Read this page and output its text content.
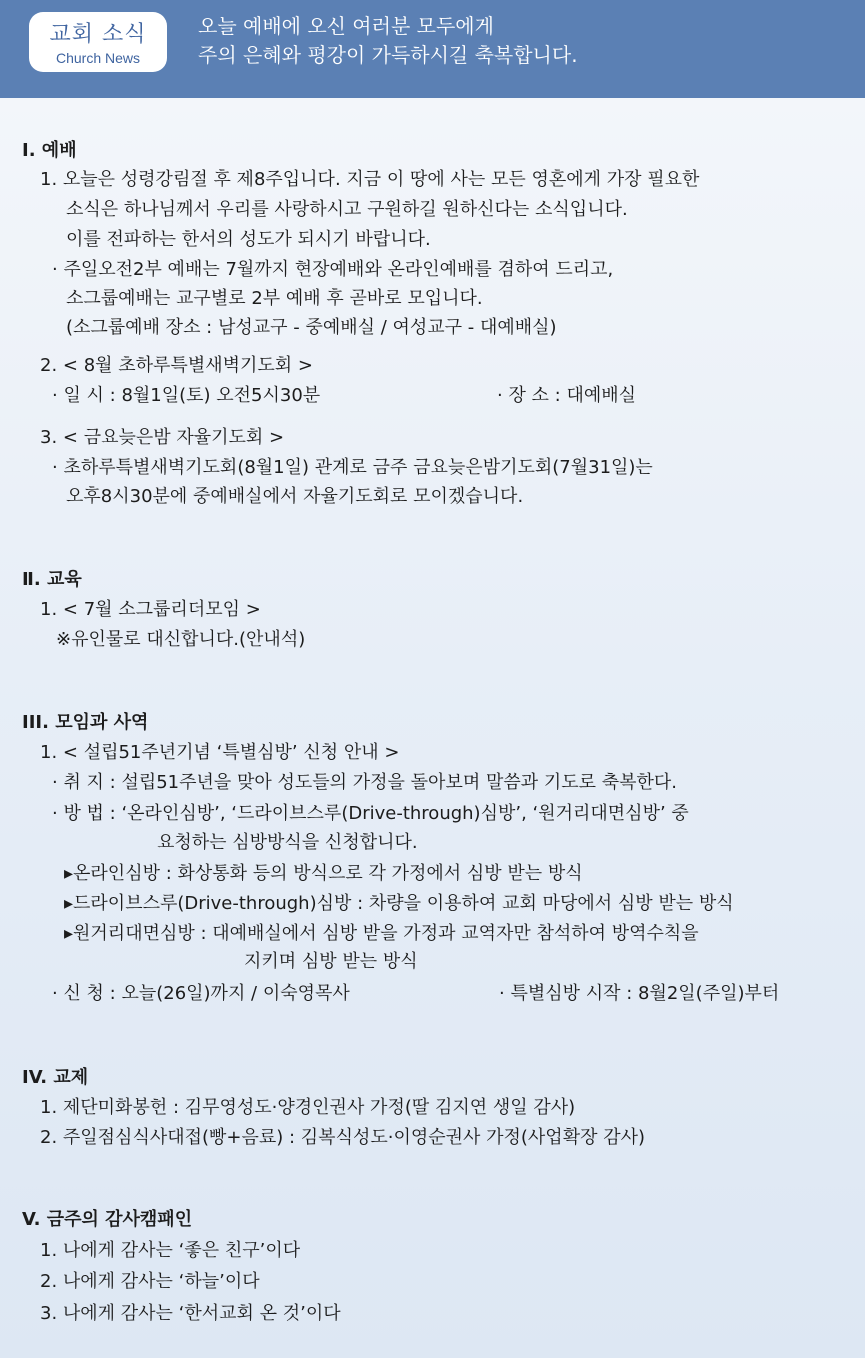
교회 소식
Church News
오늘 예배에 오신 여러분 모두에게
주의 은혜와 평강이 가득하시길 축복합니다.
Ⅰ. 예배
1. 오늘은 성령강림절 후 제8주입니다. 지금 이 땅에 사는 모든 영혼에게 가장 필요한
소식은 하나님께서 우리를 사랑하시고 구원하길 원하신다는 소식입니다.
이를 전파하는 한서의 성도가 되시기 바랍니다.
· 주일오전2부 예배는 7월까지 현장예배와 온라인예배를 겸하여 드리고,
소그룹예배는 교구별로 2부 예배 후 곧바로 모입니다.
(소그룹예배 장소 : 남성교구 - 중예배실 / 여성교구 - 대예배실)
2. < 8월 초하루특별새벽기도회 >
· 일 시 : 8월1일(토) 오전5시30분	· 장 소 : 대예배실
3. < 금요늦은밤 자율기도회 >
· 초하루특별새벽기도회(8월1일) 관계로 금주 금요늦은밤기도회(7월31일)는
오후8시30분에 중예배실에서 자율기도회로 모이겠습니다.
Ⅱ. 교육
1. < 7월 소그룹리더모임 >
※유인물로 대신합니다.(안내석)
III. 모임과 사역
1. < 설립51주년기념 ‘특별심방’ 신청 안내 >
· 취 지 : 설립51주년을 맞아 성도들의 가정을 돌아보며 말씀과 기도로 축복한다.
· 방 법 : ‘온라인심방’, ‘드라이브스루(Drive-through)심방’, ‘원거리대면심방’ 중
요청하는 심방방식을 신청합니다.
▸온라인심방 : 화상통화 등의 방식으로 각 가정에서 심방 받는 방식
▸드라이브스루(Drive-through)심방 : 차량을 이용하여 교회 마당에서 심방 받는 방식
▸원거리대면심방 : 대예배실에서 심방 받을 가정과 교역자만 참석하여 방역수칙을
지키며 심방 받는 방식
· 신 청 : 오늘(26일)까지 / 이숙영목사	· 특별심방 시작 : 8월2일(주일)부터
IV. 교제
1. 제단미화봉헌 : 김무영성도·양경인권사 가정(딸 김지연 생일 감사)
2. 주일점심식사대접(빵+음료) : 김복식성도·이영순권사 가정(사업확장 감사)
V. 금주의 감사캠패인
1. 나에게 감사는 ‘좋은 친구’이다
2. 나에게 감사는 ‘하늘’이다
3. 나에게 감사는 ‘한서교회 온 것’이다
